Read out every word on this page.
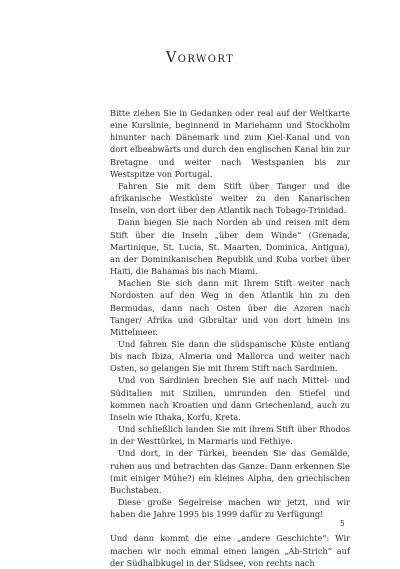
Vorwort

Bitte ziehen Sie in Gedanken oder real auf der Weltkarte eine Kurslinie, beginnend in Mariehamn und Stockholm hinunter nach Dänemark und zum Kiel-Kanal und von dort elbeabwärts und durch den englischen Kanal hin zur Bretagne und weiter nach Westspanien bis zur Westspitze von Portugal.

Fahren Sie mit dem Stift über Tanger und die afrikanische Westküste weiter zu den Kanarischen Inseln, von dort über den Atlantik nach Tobago-Trinidad.

Dann biegen Sie nach Norden ab und reisen mit dem Stift über die Inseln „über dem Winde“ (Grenada, Martinique, St. Lucia, St. Maarten, Dominica, Antigua), an der Dominikanischen Republik und Kuba vorbei über Haiti, die Bahamas bis nach Miami.

Machen Sie sich dann mit Ihrem Stift weiter nach Nordosten auf den Weg in den Atlantik hin zu den Bermudas, dann nach Osten über die Azoren nach Tanger/ Afrika und Gibraltar und von dort hinein ins Mittelmeer.

Und fahren Sie dann die südspanische Küste entlang bis nach Ibiza, Almeria und Mallorca und weiter nach Osten, so gelangen Sie mit Ihrem Stift nach Sardinien.

Und von Sardinien brechen Sie auf nach Mittel- und Süditalien mit Sizilien, umrunden den Stiefel und kommen nach Kroatien und dann Griechenland, auch zu Inseln wie Ithaka, Korfu, Kreta.

Und schließlich landen Sie mit ihrem Stift über Rhodos in der Westtürkei, in Marmaris und Fethiye.

Und dort, in der Türkei, beenden Sie das Gemälde, ruhen aus und betrachten das Ganze: Dann erkennen Sie (mit einiger Mühe?) ein kleines Alpha, den griechischen Buchstaben.

Diese große Segelreise machen wir jetzt, und wir haben die Jahre 1995 bis 1999 dafür zu Verfügung!

Und dann kommt die eine „andere Geschichte“: Wir machen wir noch einmal einen langen „Ab-Strich“ auf der Südhalbkugel in der Südsee, von rechts nach

5
